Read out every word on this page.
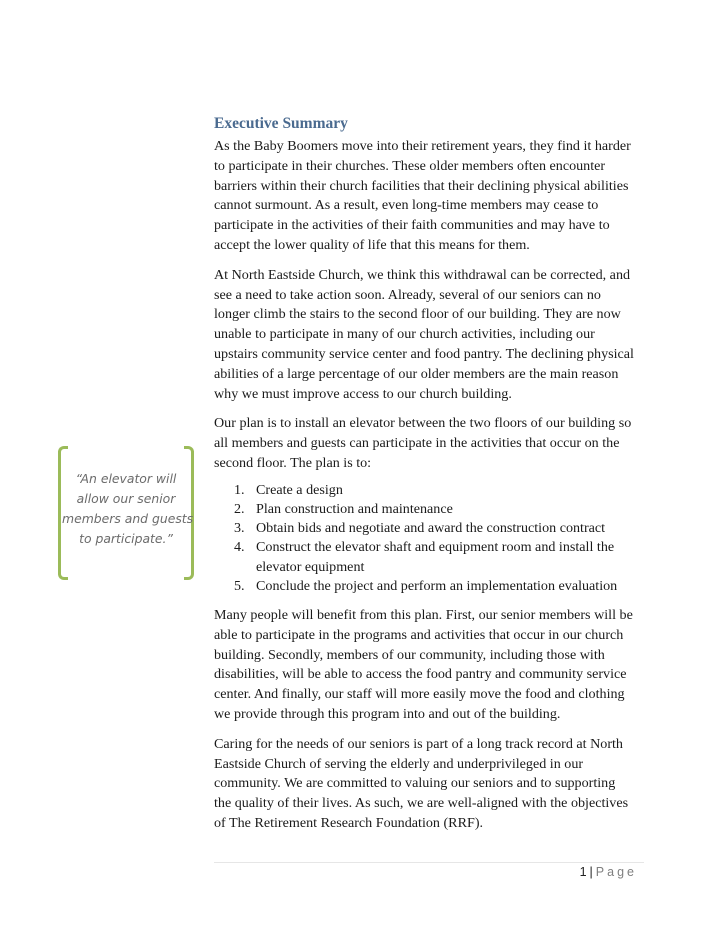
Executive Summary

As the Baby Boomers move into their retirement years, they find it harder
to participate in their churches. These older members often encounter
barriers within their church facilities that their declining physical abilities
cannot surmount. As a result, even long-time members may cease to
participate in the activities of their faith communities and may have to
accept the lower quality of life that this means for them.

At North Eastside Church, we think this withdrawal can be corrected, and
see a need to take action soon. Already, several of our seniors can no
longer climb the stairs to the second floor of our building. They are now
unable to participate in many of our church activities, including our
upstairs community service center and food pantry. The declining physical
abilities of a large percentage of our older members are the main reason
why we must improve access to our church building.

Our plan is to install an elevator between the two floors of our building so
all members and guests can participate in the activities that occur on the
second floor. The plan is to:

1. Create a design
2. Plan construction and maintenance
3. Obtain bids and negotiate and award the construction contract
4. Construct the elevator shaft and equipment room and install the
elevator equipment
5. Conclude the project and perform an implementation evaluation

Many people will benefit from this plan. First, our senior members will be
able to participate in the programs and activities that occur in our church
building. Secondly, members of our community, including those with
disabilities, will be able to access the food pantry and community service
center. And finally, our staff will more easily move the food and clothing
we provide through this program into and out of the building.

Caring for the needs of our seniors is part of a long track record at North
Eastside Church of serving the elderly and underprivileged in our
community. We are committed to valuing our seniors and to supporting
the quality of their lives. As such, we are well-aligned with the objectives
of The Retirement Research Foundation (RRF).

“An elevator will
allow our senior
members and guests
to participate.”
1 | Page
